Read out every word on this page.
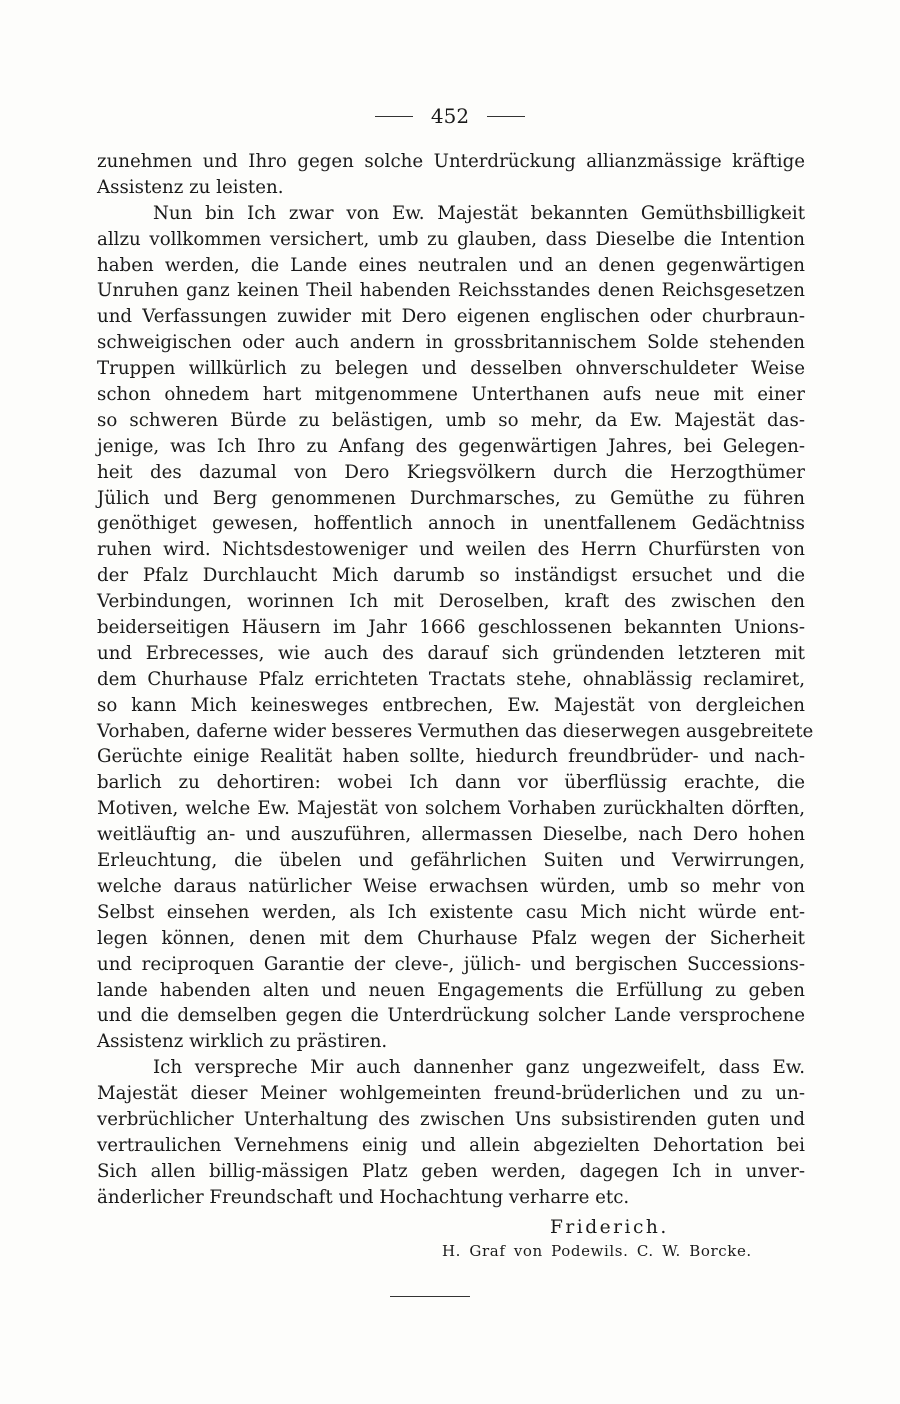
452
zunehmen und Ihro gegen solche Unterdrückung allianzmässige kräftige
Assistenz zu leisten.
Nun bin Ich zwar von Ew. Majestät bekannten Gemüthsbilligkeit
allzu vollkommen versichert, umb zu glauben, dass Dieselbe die Intention
haben werden, die Lande eines neutralen und an denen gegenwärtigen
Unruhen ganz keinen Theil habenden Reichsstandes denen Reichsgesetzen
und Verfassungen zuwider mit Dero eigenen englischen oder churbraun-
schweigischen oder auch andern in grossbritannischem Solde stehenden
Truppen willkürlich zu belegen und desselben ohnverschuldeter Weise
schon ohnedem hart mitgenommene Unterthanen aufs neue mit einer
so schweren Bürde zu belästigen, umb so mehr, da Ew. Majestät das-
jenige, was Ich Ihro zu Anfang des gegenwärtigen Jahres, bei Gelegen-
heit des dazumal von Dero Kriegsvölkern durch die Herzogthümer
Jülich und Berg genommenen Durchmarsches, zu Gemüthe zu führen
genöthiget gewesen, hoffentlich annoch in unentfallenem Gedächtniss
ruhen wird. Nichtsdestoweniger und weilen des Herrn Churfürsten von
der Pfalz Durchlaucht Mich darumb so inständigst ersuchet und die
Verbindungen, worinnen Ich mit Deroselben, kraft des zwischen den
beiderseitigen Häusern im Jahr 1666 geschlossenen bekannten Unions-
und Erbrecesses, wie auch des darauf sich gründenden letzteren mit
dem Churhause Pfalz errichteten Tractats stehe, ohnablässig reclamiret,
so kann Mich keinesweges entbrechen, Ew. Majestät von dergleichen
Vorhaben, daferne wider besseres Vermuthen das dieserwegen ausgebreitete
Gerüchte einige Realität haben sollte, hiedurch freundbrüder- und nach-
barlich zu dehortiren: wobei Ich dann vor überflüssig erachte, die
Motiven, welche Ew. Majestät von solchem Vorhaben zurückhalten dörften,
weitläuftig an- und auszuführen, allermassen Dieselbe, nach Dero hohen
Erleuchtung, die übelen und gefährlichen Suiten und Verwirrungen,
welche daraus natürlicher Weise erwachsen würden, umb so mehr von
Selbst einsehen werden, als Ich existente casu Mich nicht würde ent-
legen können, denen mit dem Churhause Pfalz wegen der Sicherheit
und reciproquen Garantie der cleve-, jülich- und bergischen Successions-
lande habenden alten und neuen Engagements die Erfüllung zu geben
und die demselben gegen die Unterdrückung solcher Lande versprochene
Assistenz wirklich zu prästiren.
Ich verspreche Mir auch dannenher ganz ungezweifelt, dass Ew.
Majestät dieser Meiner wohlgemeinten freund-brüderlichen und zu un-
verbrüchlicher Unterhaltung des zwischen Uns subsistirenden guten und
vertraulichen Vernehmens einig und allein abgezielten Dehortation bei
Sich allen billig-mässigen Platz geben werden, dagegen Ich in unver-
änderlicher Freundschaft und Hochachtung verharre etc.
Friderich.
H. Graf von Podewils. C. W. Borcke.
